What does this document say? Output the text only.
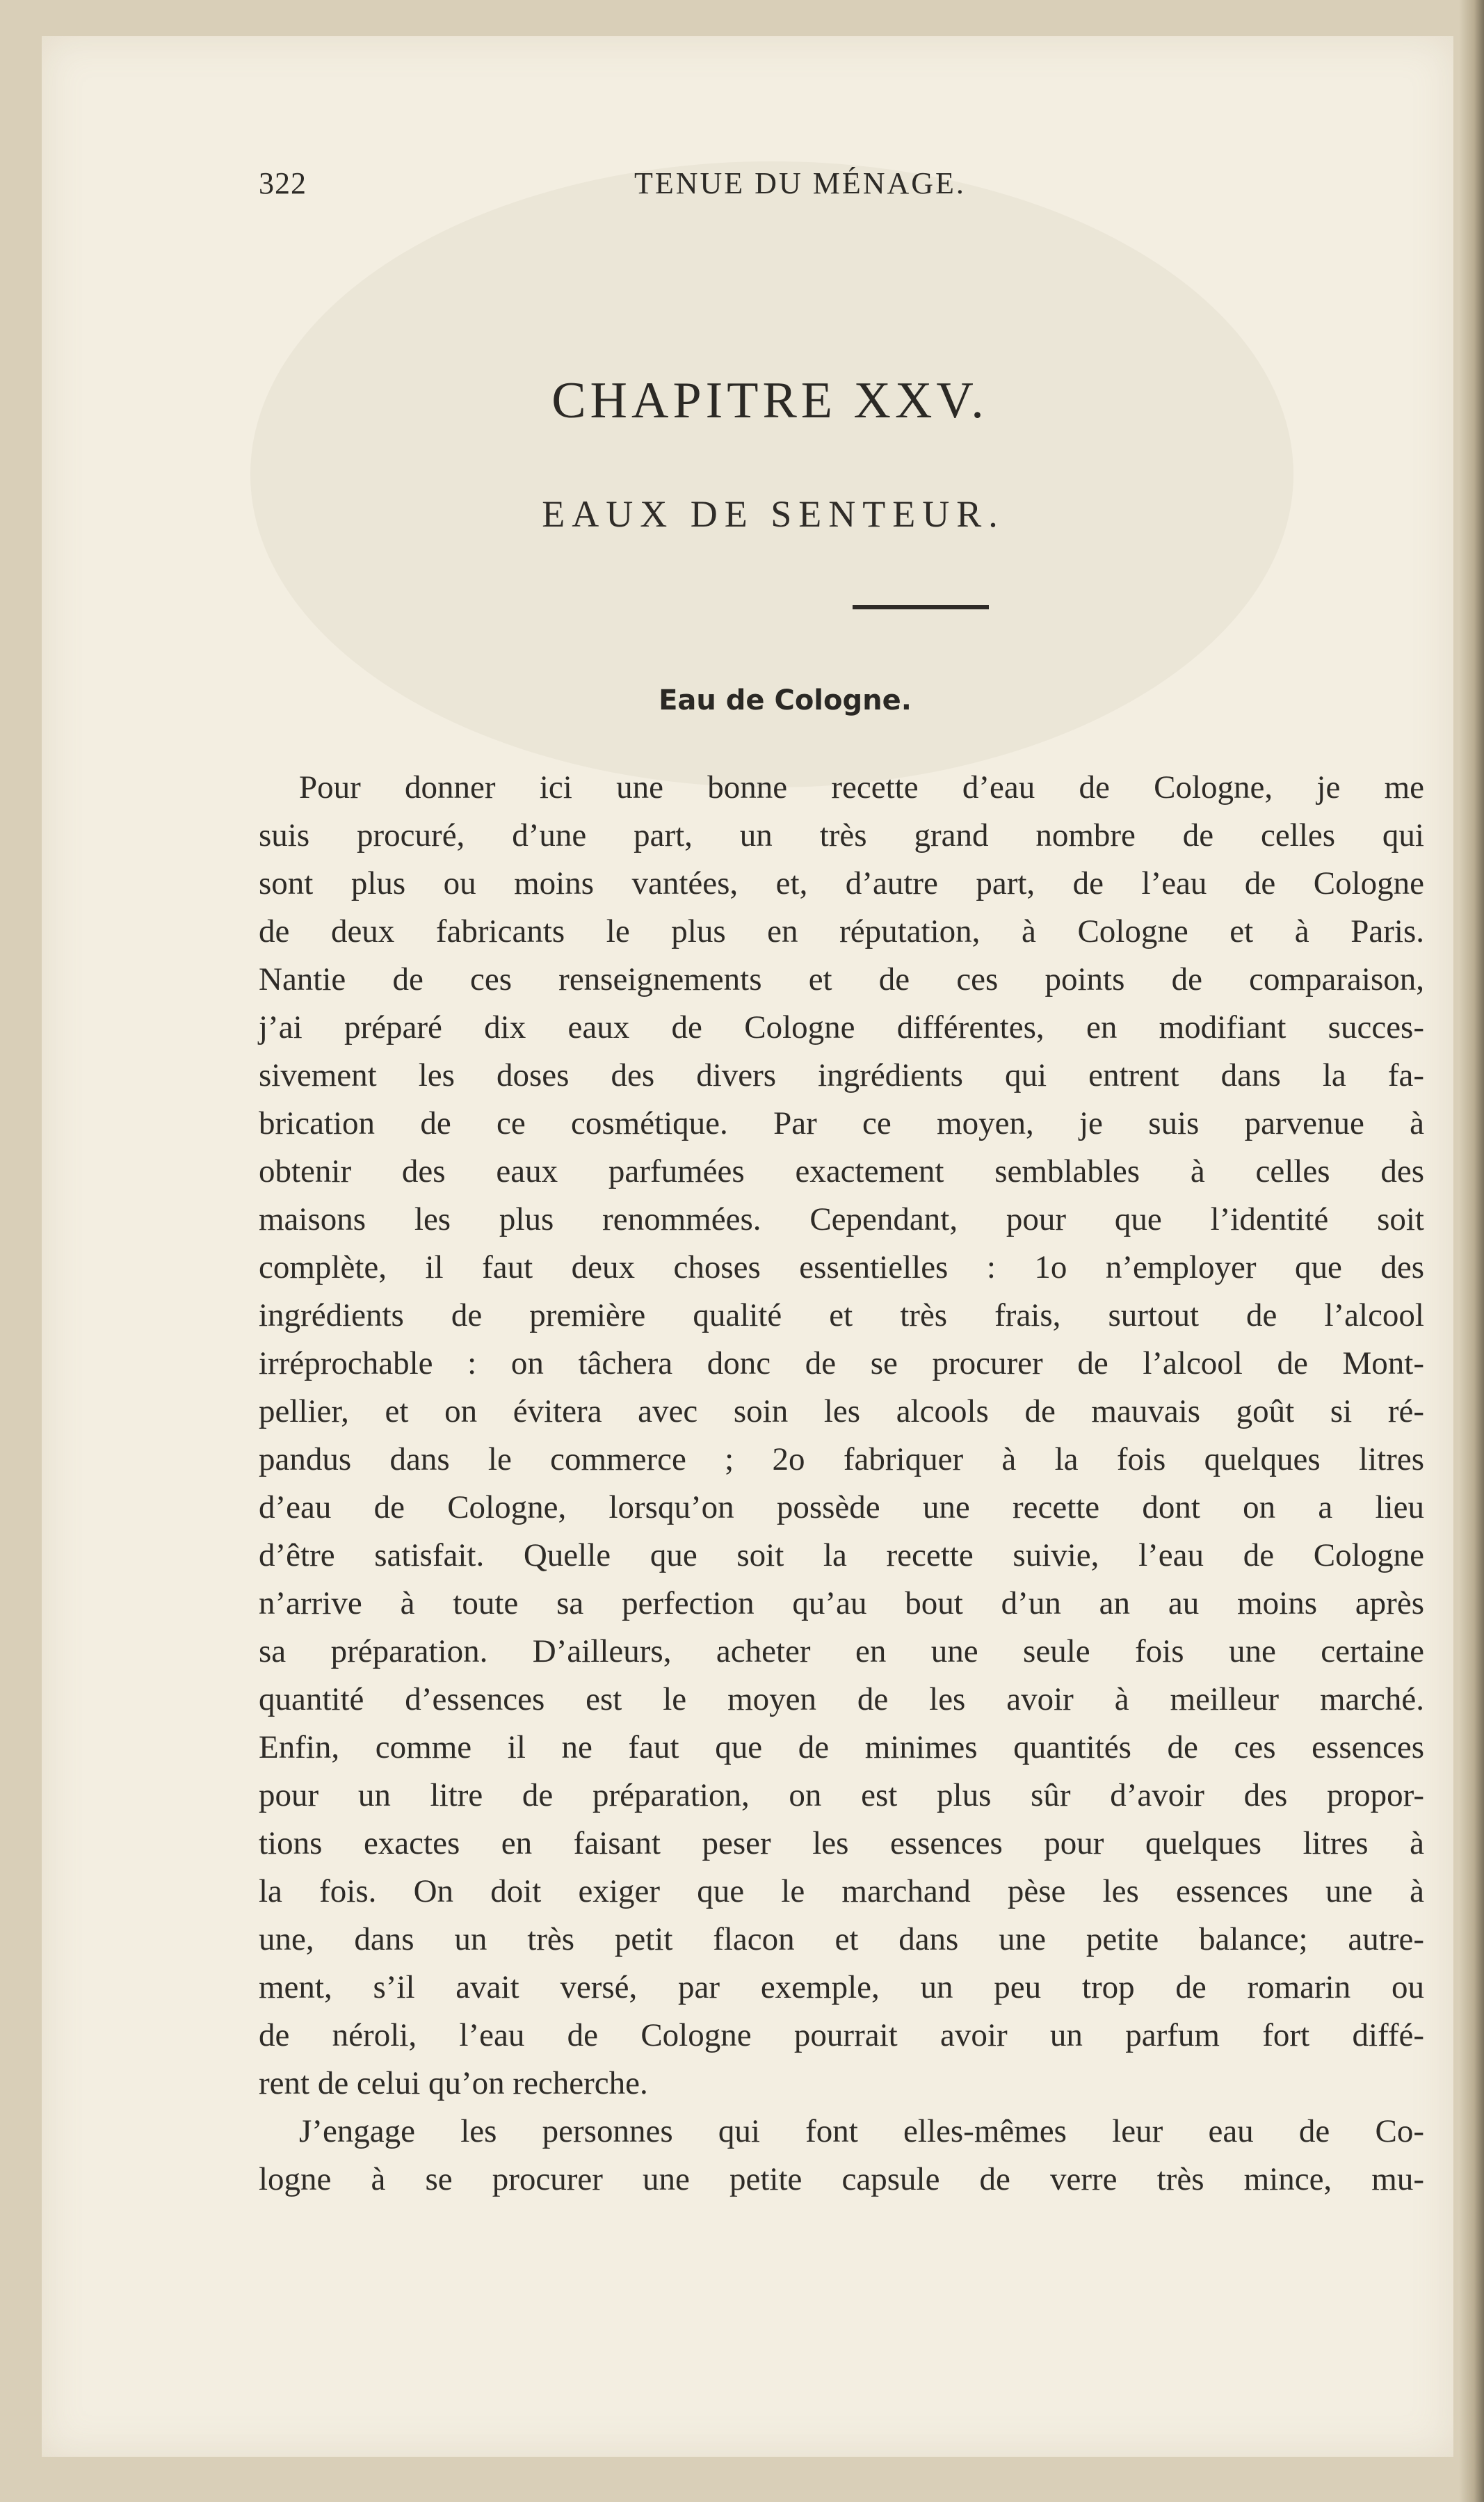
322	TENUE DU MÉNAGE.
CHAPITRE XXV.
EAUX DE SENTEUR.
Eau de Cologne.
Pour donner ici une bonne recette d’eau de Cologne, je me
suis procuré, d’une part, un très grand nombre de celles qui
sont plus ou moins vantées, et, d’autre part, de l’eau de Cologne
de deux fabricants le plus en réputation, à Cologne et à Paris.
Nantie de ces renseignements et de ces points de comparaison,
j’ai préparé dix eaux de Cologne différentes, en modifiant succes-
sivement les doses des divers ingrédients qui entrent dans la fa-
brication de ce cosmétique. Par ce moyen, je suis parvenue à
obtenir des eaux parfumées exactement semblables à celles des
maisons les plus renommées. Cependant, pour que l’identité soit
complète, il faut deux choses essentielles : 1o n’employer que des
ingrédients de première qualité et très frais, surtout de l’alcool
irréprochable : on tâchera donc de se procurer de l’alcool de Mont-
pellier, et on évitera avec soin les alcools de mauvais goût si ré-
pandus dans le commerce ; 2o fabriquer à la fois quelques litres
d’eau de Cologne, lorsqu’on possède une recette dont on a lieu
d’être satisfait. Quelle que soit la recette suivie, l’eau de Cologne
n’arrive à toute sa perfection qu’au bout d’un an au moins après
sa préparation. D’ailleurs, acheter en une seule fois une certaine
quantité d’essences est le moyen de les avoir à meilleur marché.
Enfin, comme il ne faut que de minimes quantités de ces essences
pour un litre de préparation, on est plus sûr d’avoir des propor-
tions exactes en faisant peser les essences pour quelques litres à
la fois. On doit exiger que le marchand pèse les essences une à
une, dans un très petit flacon et dans une petite balance; autre-
ment, s’il avait versé, par exemple, un peu trop de romarin ou
de néroli, l’eau de Cologne pourrait avoir un parfum fort diffé-
rent de celui qu’on recherche.
J’engage les personnes qui font elles-mêmes leur eau de Co-
logne à se procurer une petite capsule de verre très mince, mu-
